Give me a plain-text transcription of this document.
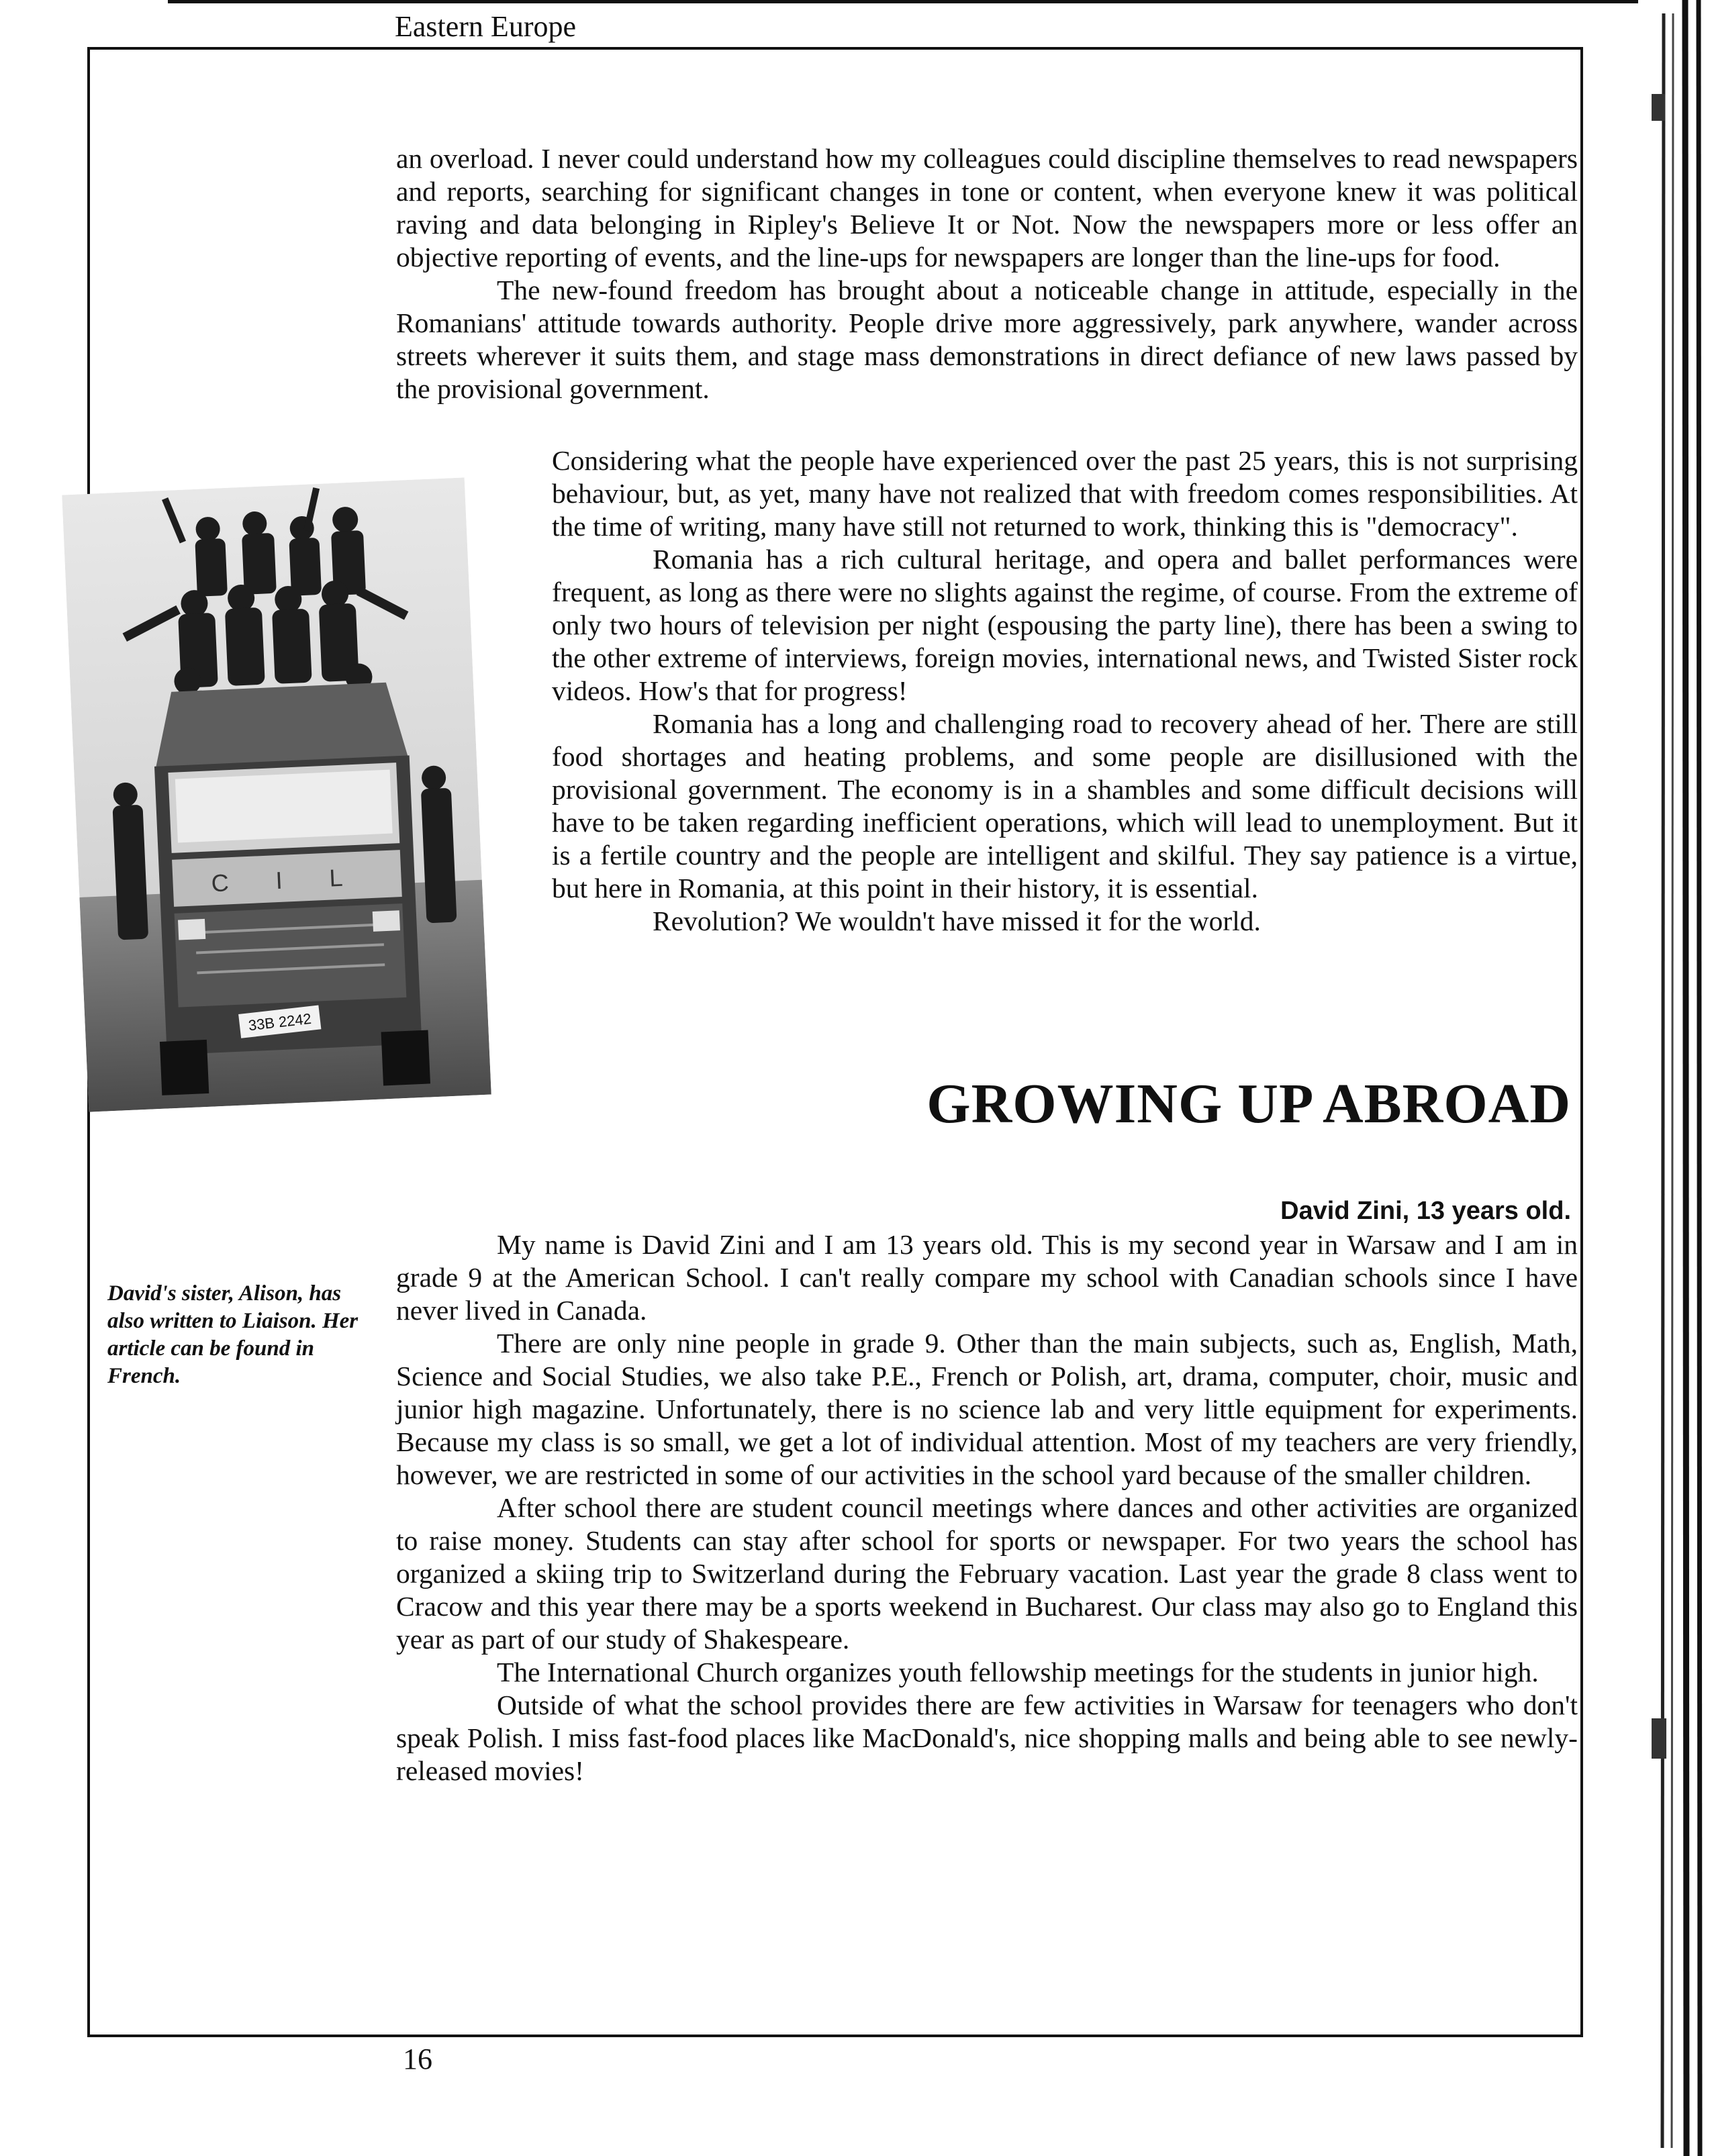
Eastern Europe

an overload. I never could understand how my colleagues could discipline themselves to read newspapers and reports, searching for significant changes in tone or content, when everyone knew it was political raving and data belonging in Ripley's Believe It or Not. Now the newspapers more or less offer an objective reporting of events, and the line-ups for newspapers are longer than the line-ups for food.

The new-found freedom has brought about a noticeable change in attitude, especially in the Romanians' attitude towards authority. People drive more aggressively, park anywhere, wander across streets wherever it suits them, and stage mass demonstrations in direct defiance of new laws passed by the provisional government.

Considering what the people have experienced over the past 25 years, this is not surprising behaviour, but, as yet, many have not realized that with freedom comes responsibilities. At the time of writing, many have still not returned to work, thinking this is "democracy".

Romania has a rich cultural heritage, and opera and ballet performances were frequent, as long as there were no slights against the regime, of course. From the extreme of only two hours of television per night (espousing the party line), there has been a swing to the other extreme of interviews, foreign movies, international news, and Twisted Sister rock videos. How's that for progress!

Romania has a long and challenging road to recovery ahead of her. There are still food shortages and heating problems, and some people are disillusioned with the provisional government. The economy is in a shambles and some difficult decisions will have to be taken regarding inefficient operations, which will lead to unemployment. But it is a fertile country and the people are intelligent and skilful. They say patience is a virtue, but here in Romania, at this point in their history, it is essential.

Revolution? We wouldn't have missed it for the world.

C I L
33B 2242
GROWING UP ABROAD
David Zini, 13 years old.
David's sister, Alison, has also written to Liaison. Her article can be found in French.

My name is David Zini and I am 13 years old. This is my second year in Warsaw and I am in grade 9 at the American School. I can't really compare my school with Canadian schools since I have never lived in Canada.

There are only nine people in grade 9. Other than the main subjects, such as, English, Math, Science and Social Studies, we also take P.E., French or Polish, art, drama, computer, choir, music and junior high magazine. Unfortunately, there is no science lab and very little equipment for experiments. Because my class is so small, we get a lot of individual attention. Most of my teachers are very friendly, however, we are restricted in some of our activities in the school yard because of the smaller children.

After school there are student council meetings where dances and other activities are organized to raise money. Students can stay after school for sports or newspaper. For two years the school has organized a skiing trip to Switzerland during the February vacation. Last year the grade 8 class went to Cracow and this year there may be a sports weekend in Bucharest. Our class may also go to England this year as part of our study of Shakespeare.

The International Church organizes youth fellowship meetings for the students in junior high.

Outside of what the school provides there are few activities in Warsaw for teenagers who don't speak Polish. I miss fast-food places like MacDonald's, nice shopping malls and being able to see newly-released movies!

16
